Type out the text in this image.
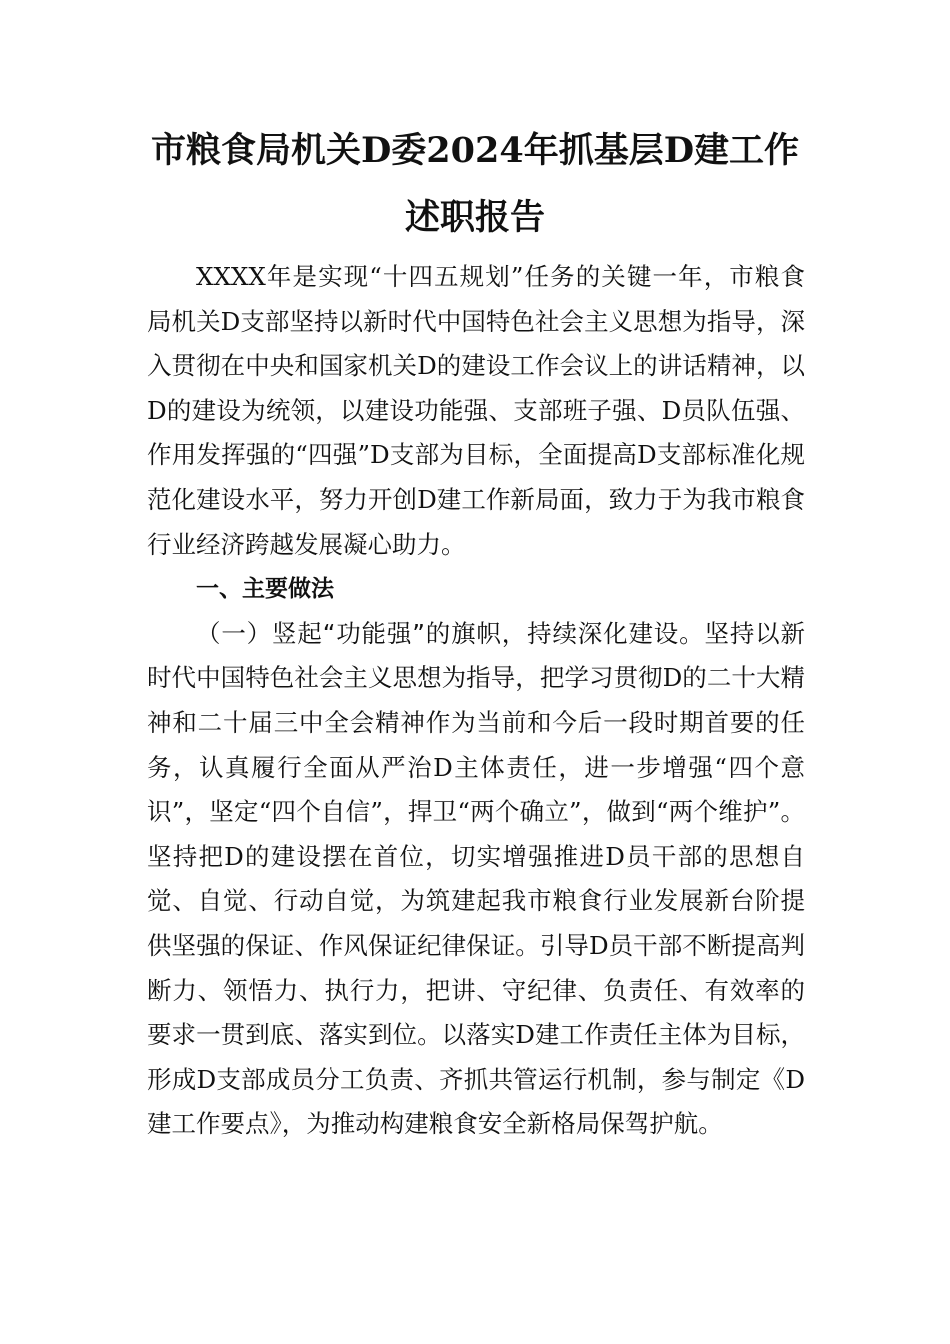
市粮食局机关D委2024年抓基层D建工作
述职报告

XXXX年是实现“十四五规划”任务的关键一年，市粮食局机关D支部坚持以新时代中国特色社会主义思想为指导，深入贯彻在中央和国家机关D的建设工作会议上的讲话精神，以D的建设为统领，以建设功能强、支部班子强、D员队伍强、作用发挥强的“四强”D支部为目标，全面提高D支部标准化规范化建设水平，努力开创D建工作新局面，致力于为我市粮食行业经济跨越发展凝心助力。

一、主要做法

（一）竖起“功能强”的旗帜，持续深化建设。坚持以新时代中国特色社会主义思想为指导，把学习贯彻D的二十大精神和二十届三中全会精神作为当前和今后一段时期首要的任务，认真履行全面从严治D主体责任，进一步增强“四个意识”，坚定“四个自信”，捍卫“两个确立”，做到“两个维护”。坚持把D的建设摆在首位，切实增强推进D员干部的思想自觉、自觉、行动自觉，为筑建起我市粮食行业发展新台阶提供坚强的保证、作风保证纪律保证。引导D员干部不断提高判断力、领悟力、执行力，把讲、守纪律、负责任、有效率的要求一贯到底、落实到位。以落实D建工作责任主体为目标，形成D支部成员分工负责、齐抓共管运行机制，参与制定《D建工作要点》，为推动构建粮食安全新格局保驾护航。
